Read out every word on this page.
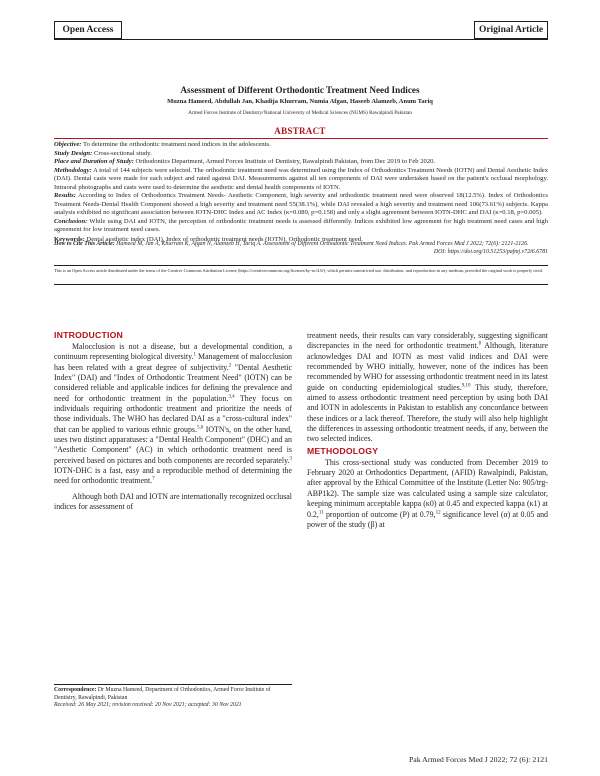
Open Access	Original Article
Assessment of Different Orthodontic Treatment Need Indices
Muzna Hameed, Abdullah Jan, Khadija Khurram, Numia Afgan, Haseeb Alamzeb, Anum Tariq
Armed Forces Institute of Dentistry/National University of Medical Sciences (NUMS) Rawalpindi Pakistan
ABSTRACT

Objective: To determine the orthodontic treatment need indices in the adolescents.

Study Design: Cross-sectional study.

Place and Duration of Study: Orthodontics Department, Armed Forces Institute of Dentistry, Rawalpindi Pakistan, from Dec 2019 to Feb 2020.

Methodology: A total of 144 subjects were selected. The orthodontic treatment need was determined using the Index of Orthodontics Treatment Needs (IOTN) and Dental Aesthetic Index (DAI). Dental casts were made for each subject and rated against DAI. Measurements against all ten components of DAI were undertaken based on the patient's occlusal morphology. Intraoral photographs and casts were used to determine the aesthetic and dental health components of IOTN.

Results: According to Index of Orthodontics Treatment Needs- Aesthetic Component, high severity and orthodontic treatment need were observed 18(12.5%). Index of Orthodontics Treatment Needs-Dental Health Component showed a high severity and treatment need 55(38.1%), while DAI revealed a high severity and treatment need 106(73.61%) subjects. Kappa analysis exhibited no significant association between IOTN-DHC Index and AC Index (κ=0.089, p=0.158) and only a slight agreement between IOTN-DHC and DAI (κ=0.18, p=0.005).

Conclusion: While using DAI and IOTN, the perception of orthodontic treatment needs is assessed differently. Indices exhibited low agreement for high treatment need cases and high agreement for low treatment need cases.

Keywords: Dental aesthetic index (DAI), Index of orthodontic treatment needs (IOTN), Orthodontic treatment need.

How to Cite This Article: Hameed M, Jan A, Khurram K, Afgan N, Alamzeb H, Tariq A. Assessment of Different Orthodontic Treatment Need Indices. Pak Armed Forces Med J 2022; 72(6): 2121-2126.
DOI: https://doi.org/10.51253/pafmj.v72i6.6781
This is an Open Access article distributed under the terms of the Creative Commons Attribution License (https://creativecommons.org/licenses/by-nc/4.0/), which permits unrestricted use, distribution, and reproduction in any medium, provided the original work is properly cited.
INTRODUCTION

Malocclusion is not a disease, but a developmental condition, a continuum representing biological diversity.$^1$ Management of malocclusion has been related with a great degree of subjectivity.$^2$ "Dental Aesthetic Index" (DAI) and "Index of Orthodontic Treatment Need" (IOTN) can be considered reliable and applicable indices for defining the prevalence and need for orthodontic treatment in the population.$^{3,4}$ They focus on individuals requiring orthodontic treatment and prioritize the needs of those individuals. The WHO has declared DAI as a "cross-cultural index" that can be applied to various ethnic groups.$^{5,6}$ IOTN's, on the other hand, uses two distinct apparatuses: a "Dental Health Component" (DHC) and an "Aesthetic Component" (AC) in which orthodontic treatment need is perceived based on pictures and both components are recorded separately.$^3$ IOTN-DHC is a fast, easy and a reproducible method of determining the need for orthodontic treatment.$^7$

Although both DAI and IOTN are internationally recognized occlusal indices for assessment of

treatment needs, their results can vary considerably, suggesting significant discrepancies in the need for orthodontic treatment.$^8$ Although, literature acknowledges DAI and IOTN as most valid indices and DAI were recommended by WHO initially, however, none of the indices has been recommended by WHO for assessing orthodontic treatment need in its latest guide on conducting epidemiological studies.$^{9,10}$ This study, therefore, aimed to assess orthodontic treatment need perception by using both DAI and IOTN in adolescents in Pakistan to establish any concordance between these indices or a lack thereof. Therefore, the study will also help highlight the differences in assessing orthodontic treatment needs, if any, between the two selected indices.

METHODOLOGY

This cross-sectional study was conducted from December 2019 to February 2020 at Orthodontics Department, (AFID) Rawalpindi, Pakistan, after approval by the Ethical Committee of the Institute (Letter No: 905/trg-ABP1k2). The sample size was calculated using a sample size calculator, keeping minimum acceptable kappa (κ0) at 0.45 and expected kappa (κ1) at 0.2,11 proportion of outcome (P) at 0.79,12 significance level (α) at 0.05 and power of the study (β) at

Correspondence: Dr Muzna Hameed, Department of Orthodontics, Armed Force Institute of Dentistry, Rawalpindi, Pakistan
Received: 26 May 2021; revision received: 20 Nov 2021; accepted: 30 Nov 2021
Pak Armed Forces Med J 2022; 72 (6): 2121
